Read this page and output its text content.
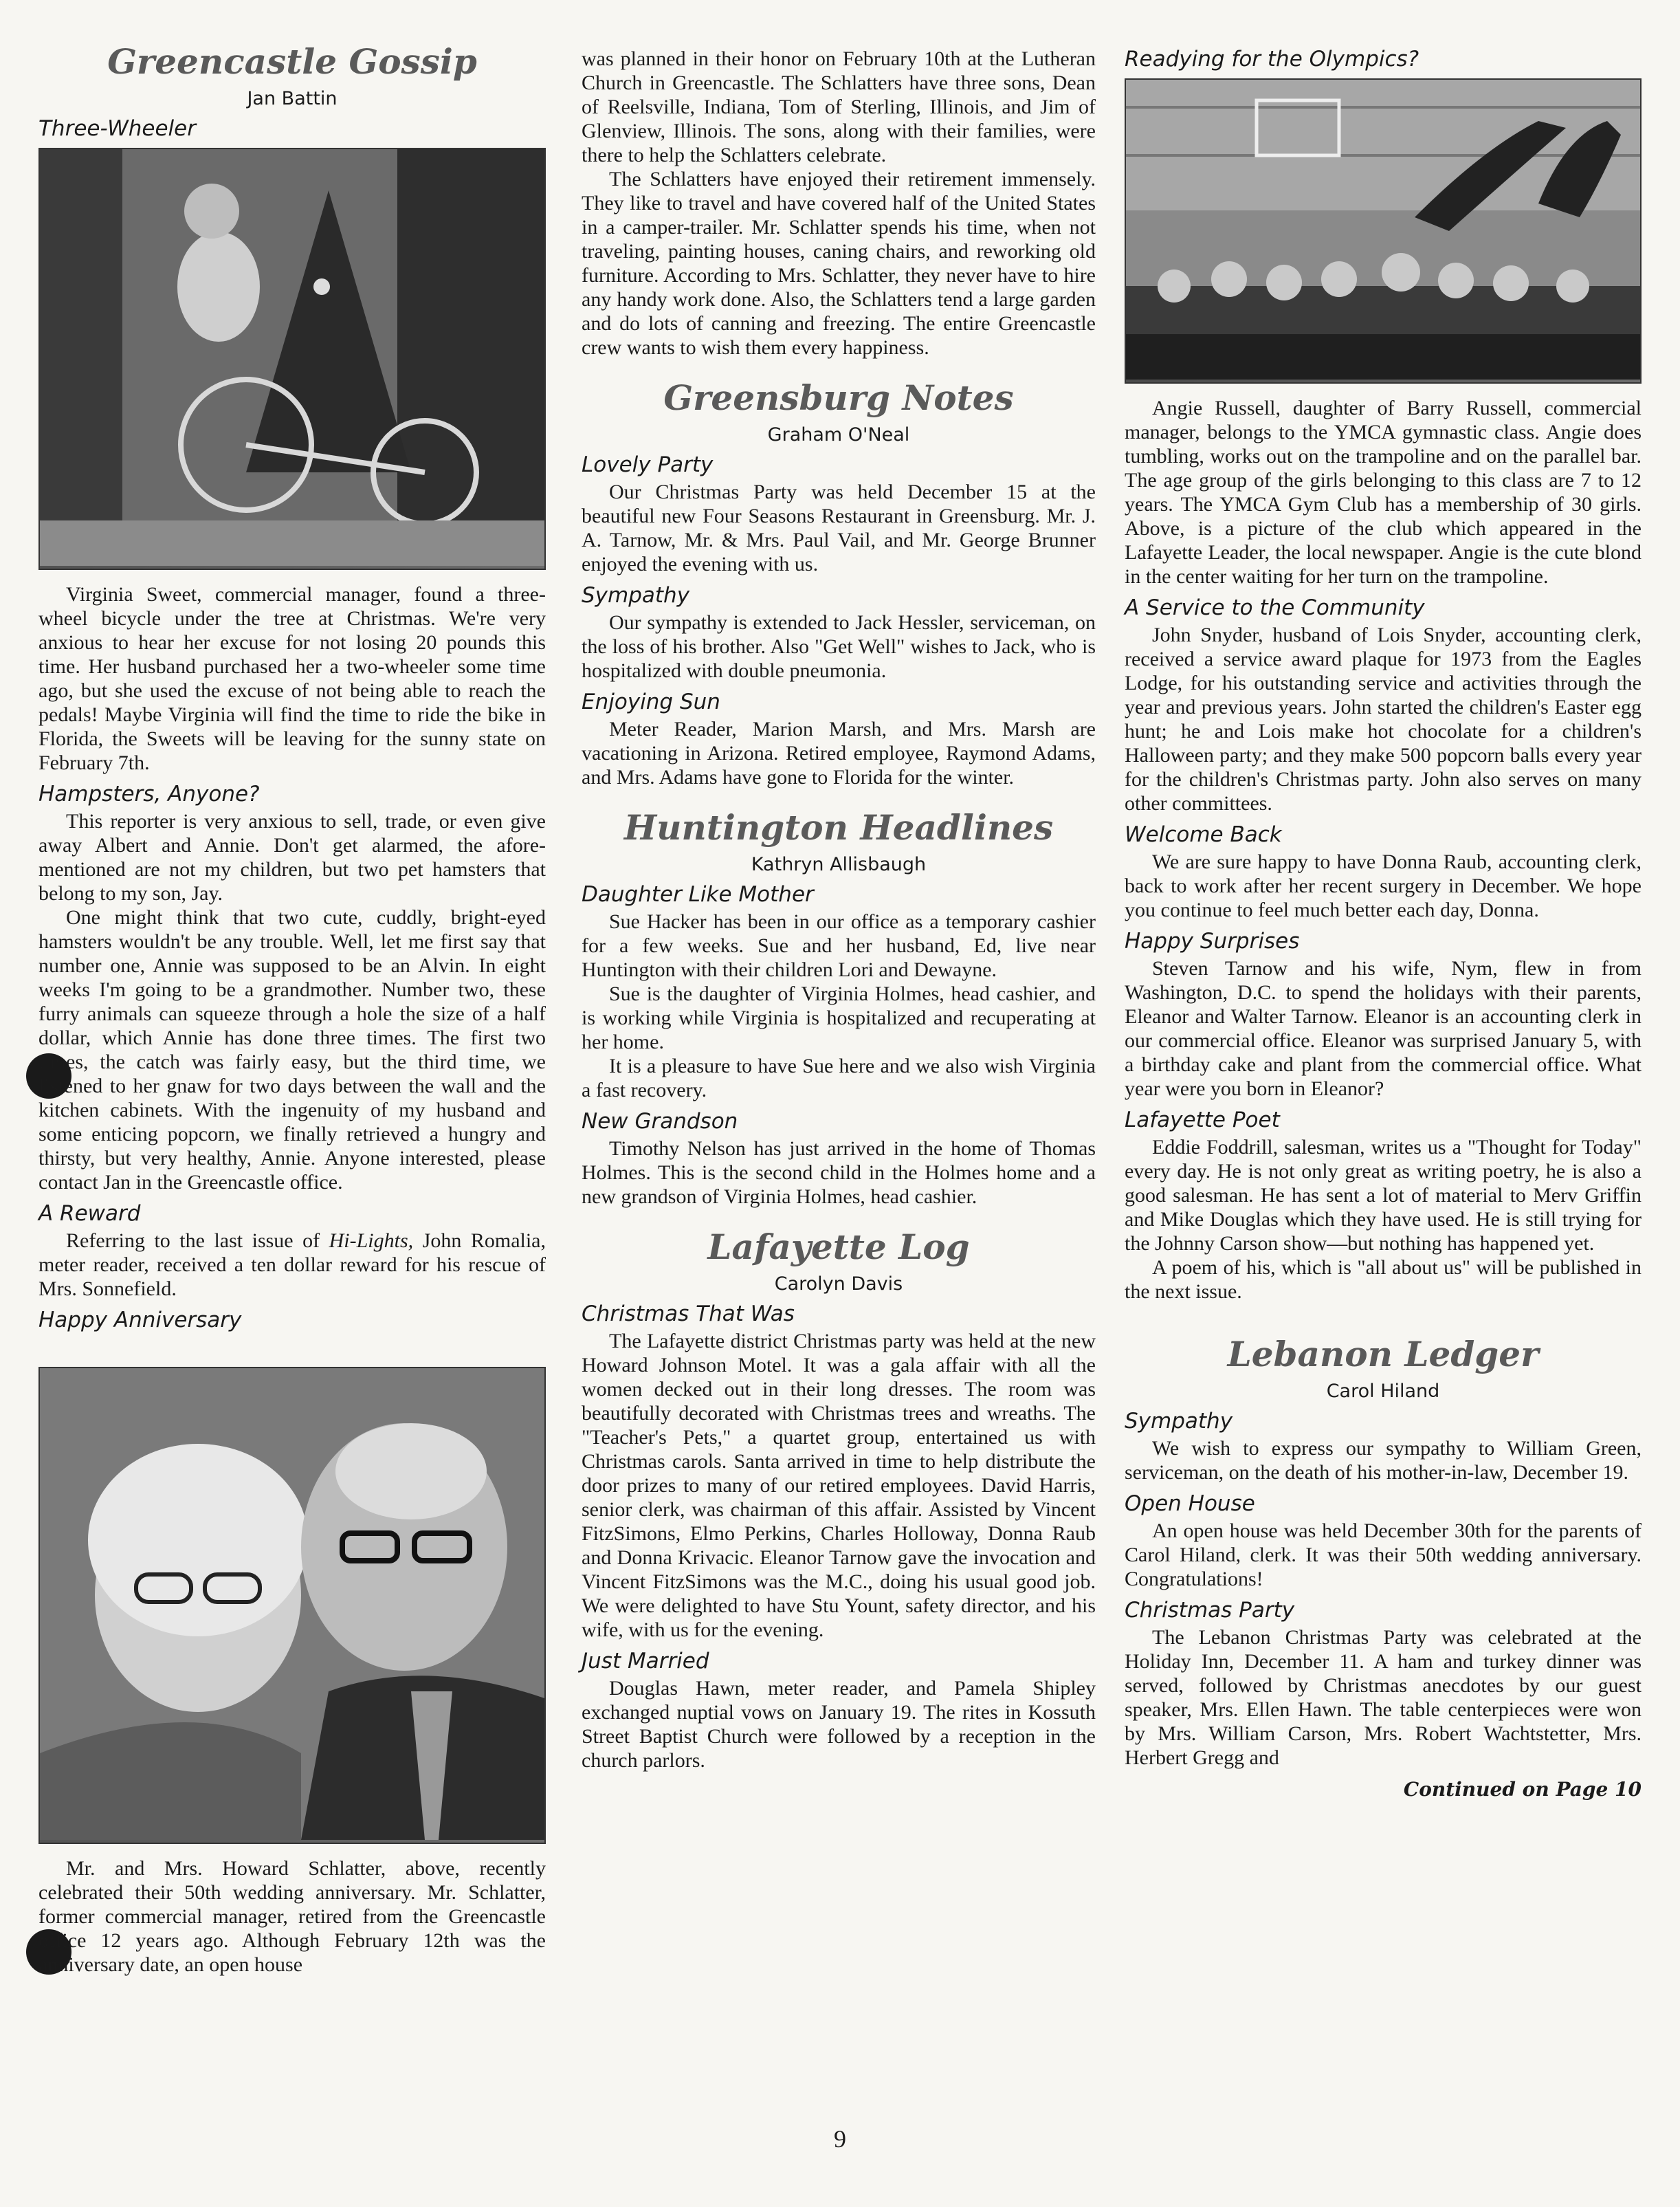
Greencastle Gossip
Jan Battin
Three-Wheeler

Virginia Sweet, commercial manager, found a three-wheel bicycle under the tree at Christmas. We're very anxious to hear her excuse for not losing 20 pounds this time. Her husband purchased her a two-wheeler some time ago, but she used the excuse of not being able to reach the pedals! Maybe Virginia will find the time to ride the bike in Florida, the Sweets will be leaving for the sunny state on February 7th.

Hampsters, Anyone?

This reporter is very anxious to sell, trade, or even give away Albert and Annie. Don't get alarmed, the afore-mentioned are not my children, but two pet hamsters that belong to my son, Jay.

One might think that two cute, cuddly, bright-eyed hamsters wouldn't be any trouble. Well, let me first say that number one, Annie was supposed to be an Alvin. In eight weeks I'm going to be a grandmother. Number two, these furry animals can squeeze through a hole the size of a half dollar, which Annie has done three times. The first two times, the catch was fairly easy, but the third time, we listened to her gnaw for two days between the wall and the kitchen cabinets. With the ingenuity of my husband and some enticing popcorn, we finally retrieved a hungry and thirsty, but very healthy, Annie. Anyone interested, please contact Jan in the Greencastle office.

A Reward

Referring to the last issue of Hi-Lights, John Romalia, meter reader, received a ten dollar reward for his rescue of Mrs. Sonnefield.

Happy Anniversary

Mr. and Mrs. Howard Schlatter, above, recently celebrated their 50th wedding anniversary. Mr. Schlatter, former commercial manager, retired from the Greencastle office 12 years ago. Although February 12th was the anniversary date, an open house

was planned in their honor on February 10th at the Lutheran Church in Greencastle. The Schlatters have three sons, Dean of Reelsville, Indiana, Tom of Sterling, Illinois, and Jim of Glenview, Illinois. The sons, along with their families, were there to help the Schlatters celebrate.

The Schlatters have enjoyed their retirement immensely. They like to travel and have covered half of the United States in a camper-trailer. Mr. Schlatter spends his time, when not traveling, painting houses, caning chairs, and reworking old furniture. According to Mrs. Schlatter, they never have to hire any handy work done. Also, the Schlatters tend a large garden and do lots of canning and freezing. The entire Greencastle crew wants to wish them every happiness.

Greensburg Notes
Graham O'Neal
Lovely Party

Our Christmas Party was held December 15 at the beautiful new Four Seasons Restaurant in Greensburg. Mr. J. A. Tarnow, Mr. & Mrs. Paul Vail, and Mr. George Brunner enjoyed the evening with us.

Sympathy

Our sympathy is extended to Jack Hessler, serviceman, on the loss of his brother. Also "Get Well" wishes to Jack, who is hospitalized with double pneumonia.

Enjoying Sun

Meter Reader, Marion Marsh, and Mrs. Marsh are vacationing in Arizona. Retired employee, Raymond Adams, and Mrs. Adams have gone to Florida for the winter.

Huntington Headlines
Kathryn Allisbaugh
Daughter Like Mother

Sue Hacker has been in our office as a temporary cashier for a few weeks. Sue and her husband, Ed, live near Huntington with their children Lori and Dewayne.

Sue is the daughter of Virginia Holmes, head cashier, and is working while Virginia is hospitalized and recuperating at her home.

It is a pleasure to have Sue here and we also wish Virginia a fast recovery.

New Grandson

Timothy Nelson has just arrived in the home of Thomas Holmes. This is the second child in the Holmes home and a new grandson of Virginia Holmes, head cashier.

Lafayette Log
Carolyn Davis
Christmas That Was

The Lafayette district Christmas party was held at the new Howard Johnson Motel. It was a gala affair with all the women decked out in their long dresses. The room was beautifully decorated with Christmas trees and wreaths. The "Teacher's Pets," a quartet group, entertained us with Christmas carols. Santa arrived in time to help distribute the door prizes to many of our retired employees. David Harris, senior clerk, was chairman of this affair. Assisted by Vincent FitzSimons, Elmo Perkins, Charles Holloway, Donna Raub and Donna Krivacic. Eleanor Tarnow gave the invocation and Vincent FitzSimons was the M.C., doing his usual good job. We were delighted to have Stu Yount, safety director, and his wife, with us for the evening.

Just Married

Douglas Hawn, meter reader, and Pamela Shipley exchanged nuptial vows on January 19. The rites in Kossuth Street Baptist Church were followed by a reception in the church parlors.

Readying for the Olympics?

Angie Russell, daughter of Barry Russell, commercial manager, belongs to the YMCA gymnastic class. Angie does tumbling, works out on the trampoline and on the parallel bar. The age group of the girls belonging to this class are 7 to 12 years. The YMCA Gym Club has a membership of 30 girls. Above, is a picture of the club which appeared in the Lafayette Leader, the local newspaper. Angie is the cute blond in the center waiting for her turn on the trampoline.

A Service to the Community

John Snyder, husband of Lois Snyder, accounting clerk, received a service award plaque for 1973 from the Eagles Lodge, for his outstanding service and activities through the year and previous years. John started the children's Easter egg hunt; he and Lois make hot chocolate for a children's Halloween party; and they make 500 popcorn balls every year for the children's Christmas party. John also serves on many other committees.

Welcome Back

We are sure happy to have Donna Raub, accounting clerk, back to work after her recent surgery in December. We hope you continue to feel much better each day, Donna.

Happy Surprises

Steven Tarnow and his wife, Nym, flew in from Washington, D.C. to spend the holidays with their parents, Eleanor and Walter Tarnow. Eleanor is an accounting clerk in our commercial office. Eleanor was surprised January 5, with a birthday cake and plant from the commercial office. What year were you born in Eleanor?

Lafayette Poet

Eddie Foddrill, salesman, writes us a "Thought for Today" every day. He is not only great as writing poetry, he is also a good salesman. He has sent a lot of material to Merv Griffin and Mike Douglas which they have used. He is still trying for the Johnny Carson show—but nothing has happened yet.

A poem of his, which is "all about us" will be published in the next issue.

Lebanon Ledger
Carol Hiland
Sympathy

We wish to express our sympathy to William Green, serviceman, on the death of his mother-in-law, December 19.

Open House

An open house was held December 30th for the parents of Carol Hiland, clerk. It was their 50th wedding anniversary. Congratulations!

Christmas Party

The Lebanon Christmas Party was celebrated at the Holiday Inn, December 11. A ham and turkey dinner was served, followed by Christmas anecdotes by our guest speaker, Mrs. Ellen Hawn. The table centerpieces were won by Mrs. William Carson, Mrs. Robert Wachtstetter, Mrs. Herbert Gregg and

Continued on Page 10
9
